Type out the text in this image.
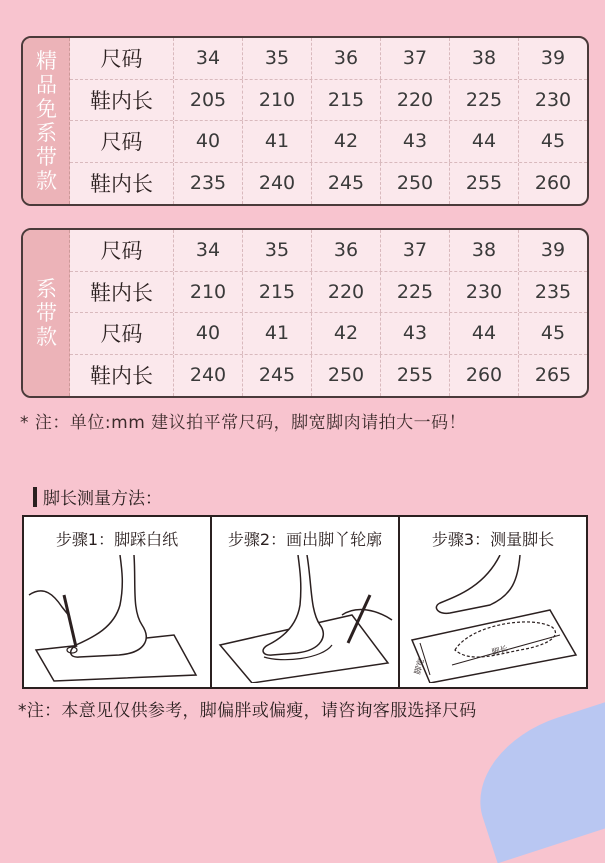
精品免系带款
尺码	34	35	36	37	38	39
鞋内长	205	210	215	220	225	230
尺码	40	41	42	43	44	45
鞋内长	235	240	245	250	255	260
系带款
尺码	34	35	36	37	38	39
鞋内长	210	215	220	225	230	235
尺码	40	41	42	43	44	45
鞋内长	240	245	250	255	260	265
* 注：单位:mm 建议拍平常尺码，脚宽脚肉请拍大一码！
脚长测量方法：
步骤1：脚踩白纸	步骤2：画出脚丫轮廓	步骤3：测量脚长
脚宽
脚长
*注：本意见仅供参考，脚偏胖或偏瘦，请咨询客服选择尺码
